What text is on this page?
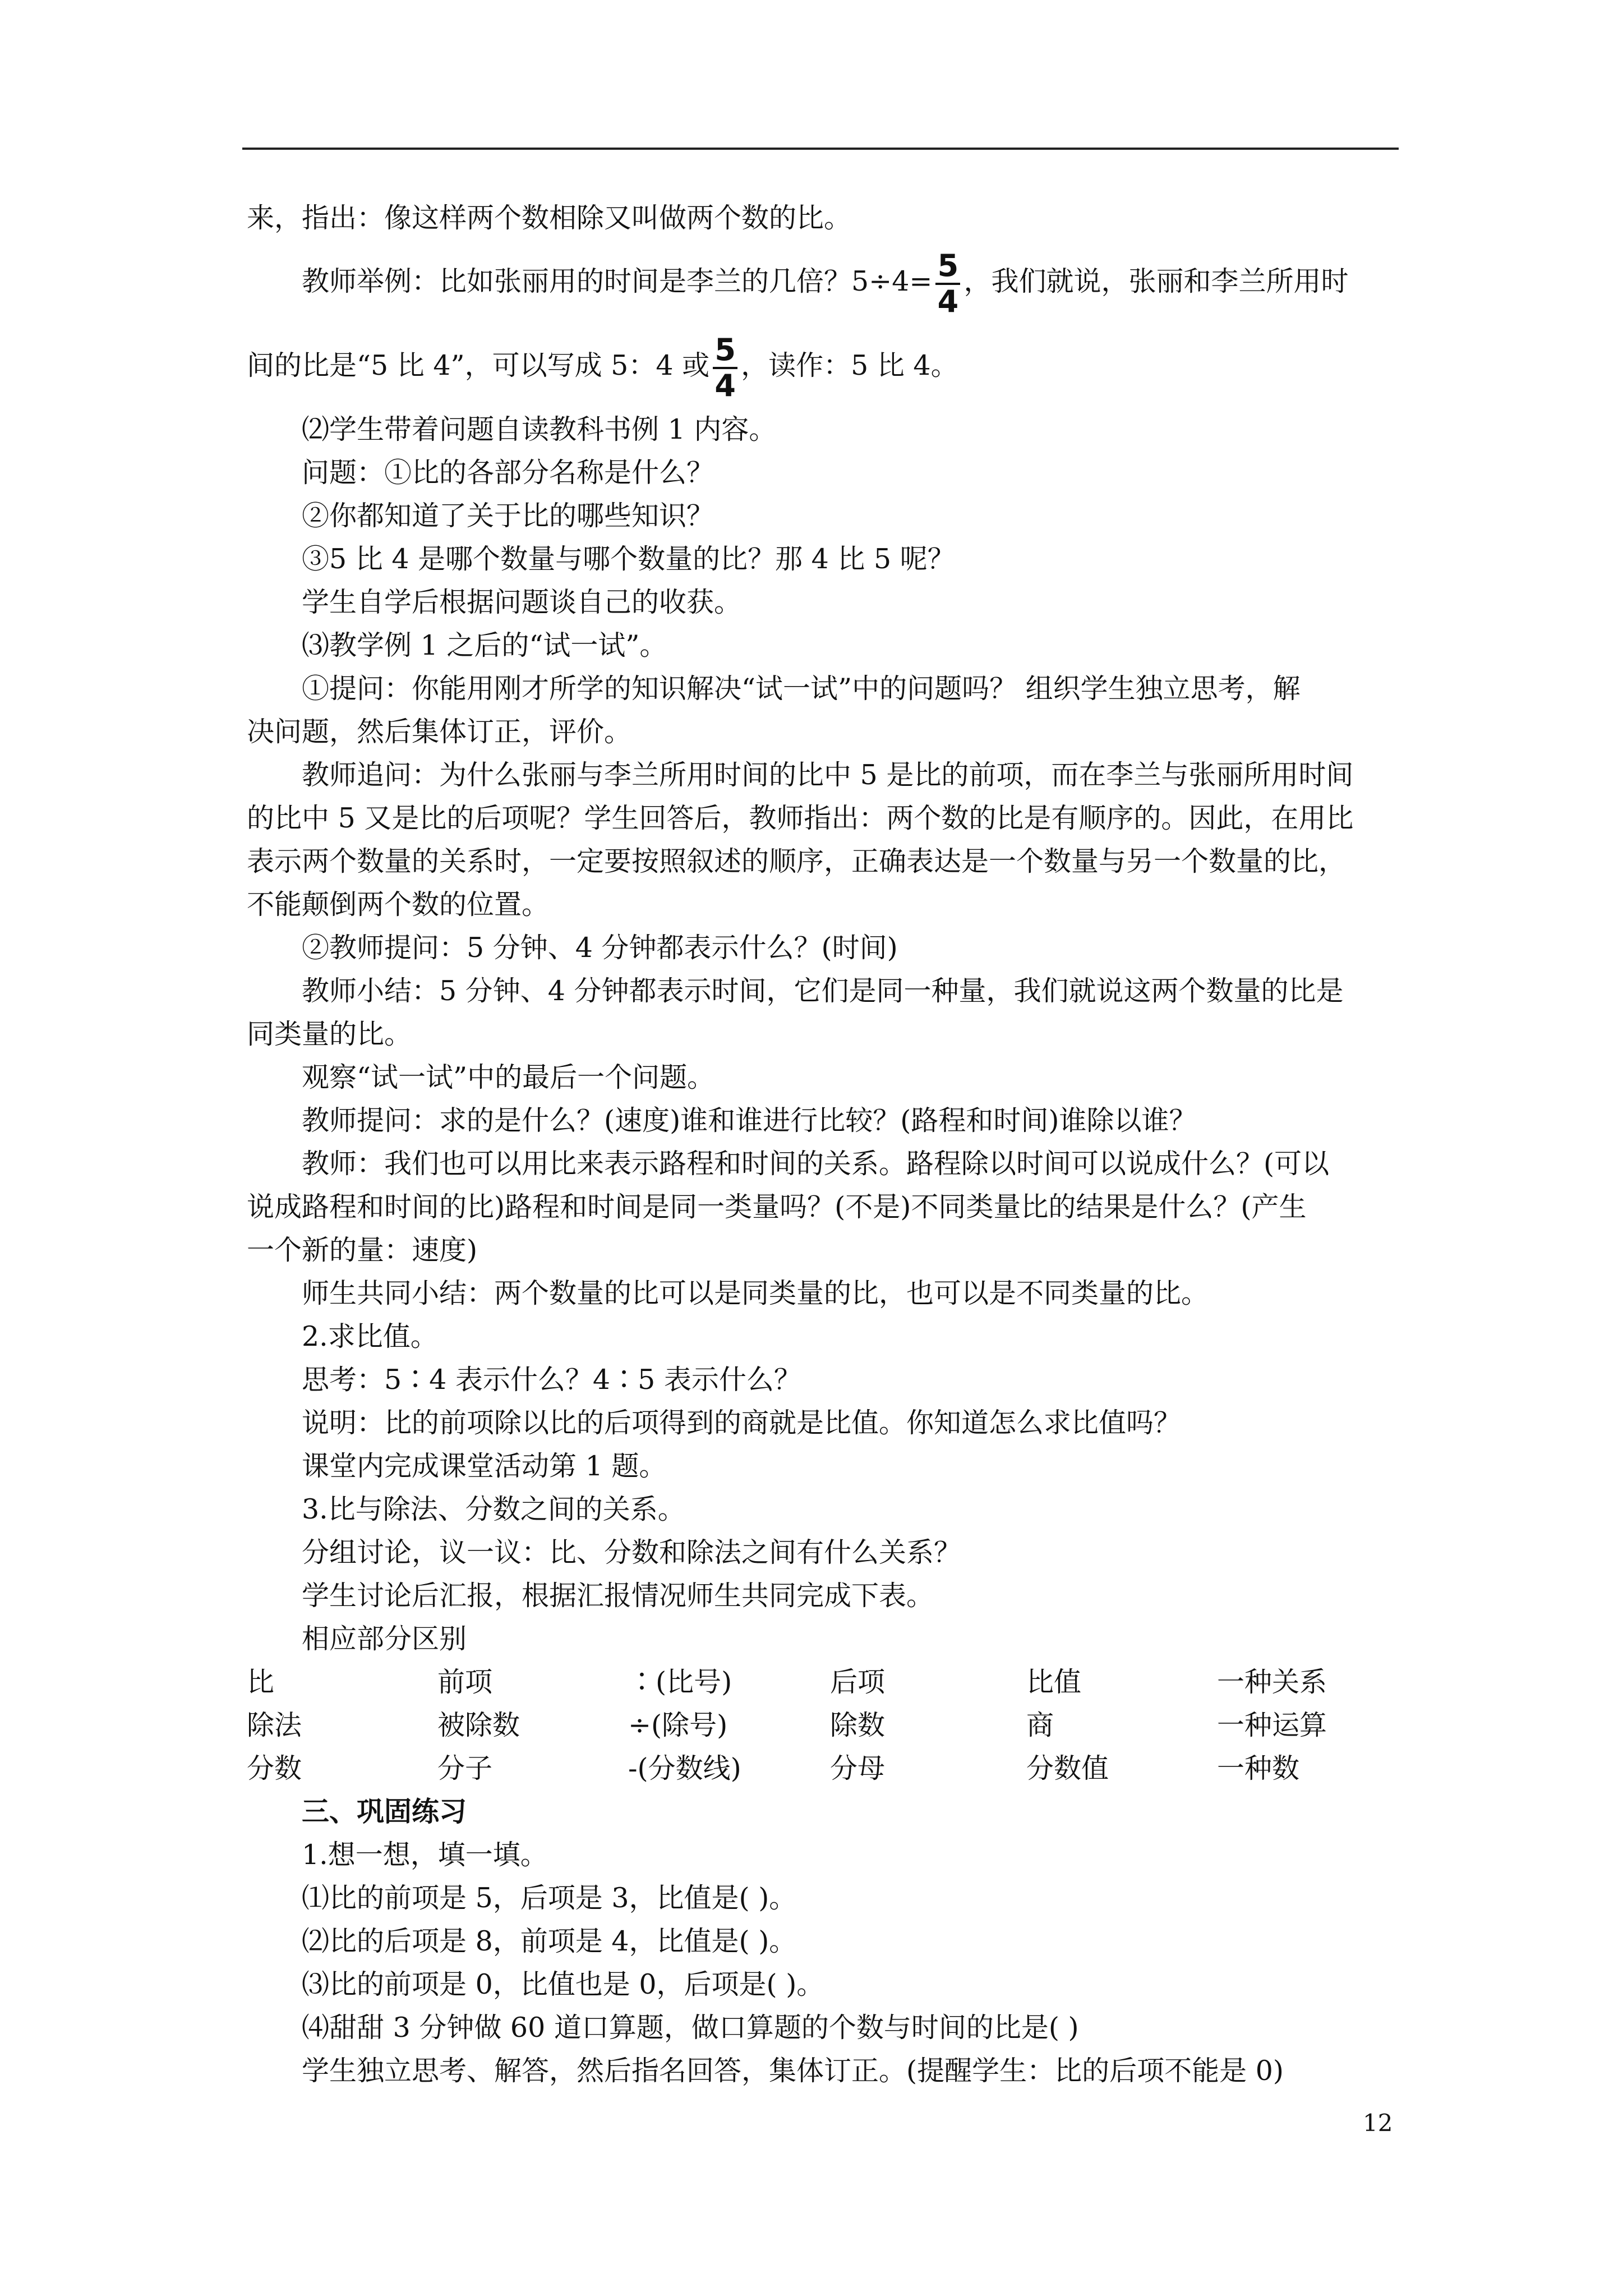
来，指出：像这样两个数相除又叫做两个数的比。
教师举例：比如张丽用的时间是李兰的几倍？$5\div 4= \frac{5}{4}$ ，我们就说，张丽和李兰所用时
间的比是“5 比 4”，可以写成 5：4 或 $\frac{5}{4}$ ，读作：5 比 4。
⑵学生带着问题自读教科书例 1 内容。
问题：①比的各部分名称是什么？
②你都知道了关于比的哪些知识？
③5 比 4 是哪个数量与哪个数量的比？那 4 比 5 呢？
学生自学后根据问题谈自己的收获。
⑶教学例 1 之后的“试一试”。
①提问：你能用刚才所学的知识解决“试一试”中的问题吗？ 组织学生独立思考，解
决问题，然后集体订正，评价。
教师追问：为什么张丽与李兰所用时间的比中 5 是比的前项，而在李兰与张丽所用时间
的比中 5 又是比的后项呢？学生回答后，教师指出：两个数的比是有顺序的。因此，在用比
表示两个数量的关系时，一定要按照叙述的顺序，正确表达是一个数量与另一个数量的比，
不能颠倒两个数的位置。
②教师提问：5 分钟、4 分钟都表示什么？(时间)
教师小结：5 分钟、4 分钟都表示时间，它们是同一种量，我们就说这两个数量的比是
同类量的比。
观察“试一试”中的最后一个问题。
教师提问：求的是什么？(速度)谁和谁进行比较？(路程和时间)谁除以谁？
教师：我们也可以用比来表示路程和时间的关系。路程除以时间可以说成什么？(可以
说成路程和时间的比)路程和时间是同一类量吗？(不是)不同类量比的结果是什么？(产生
一个新的量：速度)
师生共同小结：两个数量的比可以是同类量的比，也可以是不同类量的比。
2.求比值。
思考：5∶4 表示什么？4∶5 表示什么？
说明：比的前项除以比的后项得到的商就是比值。你知道怎么求比值吗？
课堂内完成课堂活动第 1 题。
3.比与除法、分数之间的关系。
分组讨论，议一议：比、分数和除法之间有什么关系？
学生讨论后汇报，根据汇报情况师生共同完成下表。
相应部分区别
比	前项	∶(比号)	后项	比值	一种关系
除法	被除数	÷(除号)	除数	商	一种运算
分数	分子	-(分数线)	分母	分数值	一种数
三、巩固练习
1.想一想，填一填。
⑴比的前项是 5，后项是 3，比值是( )。
⑵比的后项是 8，前项是 4，比值是( )。
⑶比的前项是 0，比值也是 0，后项是( )。
⑷甜甜 3 分钟做 60 道口算题，做口算题的个数与时间的比是( )
学生独立思考、解答，然后指名回答，集体订正。(提醒学生：比的后项不能是 0)
12
